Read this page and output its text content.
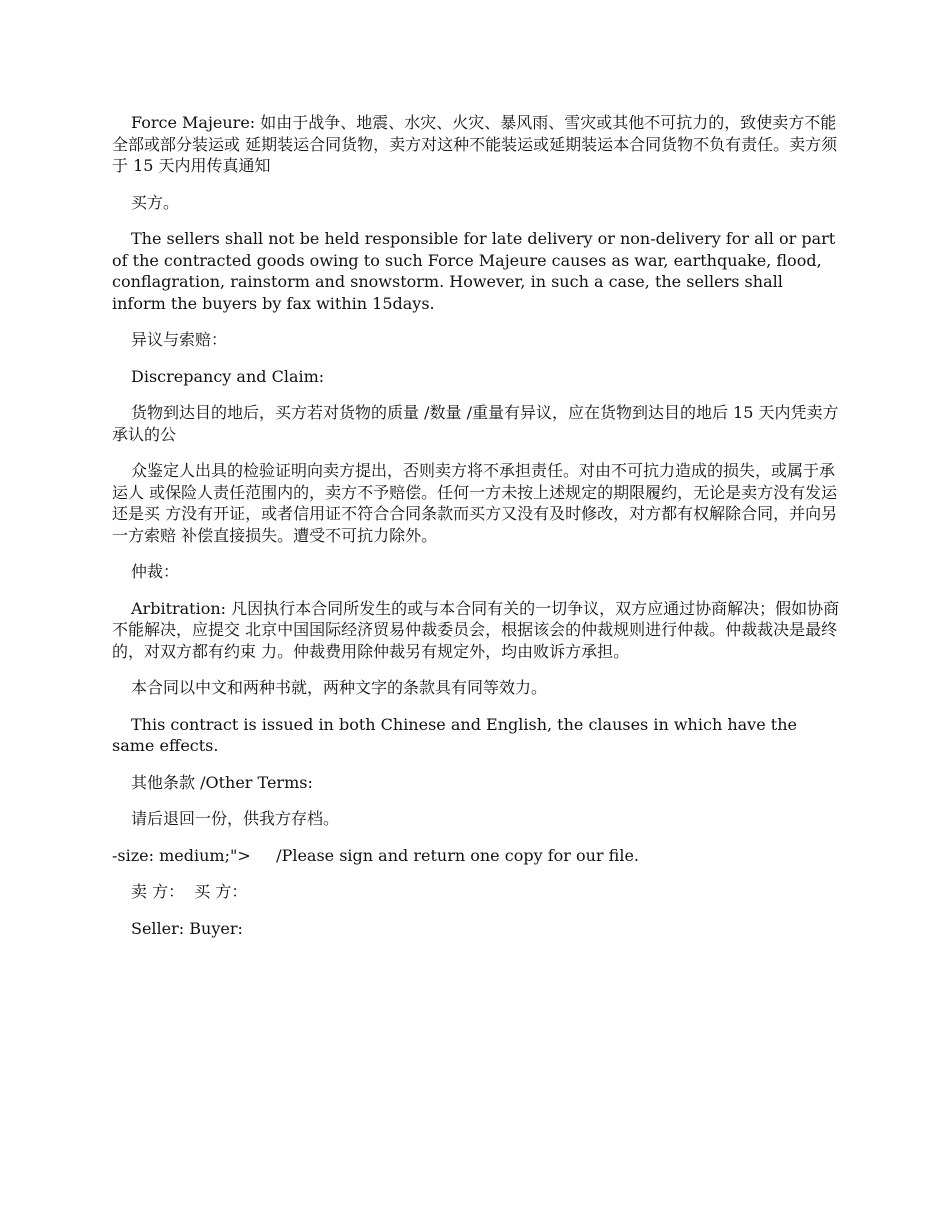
Force Majeure: 如由于战争、地震、水灾、火灾、暴风雨、雪灾或其他不可抗力的，致使卖方不能全部或部分装运或 延期装运合同货物，卖方对这种不能装运或延期装运本合同货物不负有责任。卖方须于 15 天内用传真通知

买方。

The sellers shall not be held responsible for late delivery or non-delivery for all or part of the contracted goods owing to such Force Majeure causes as war, earthquake, flood, conflagration, rainstorm and snowstorm. However, in such a case, the sellers shall inform the buyers by fax within 15days.

异议与索赔：

Discrepancy and Claim:

货物到达目的地后，买方若对货物的质量 /数量 /重量有异议，应在货物到达目的地后 15 天内凭卖方承认的公

众鉴定人出具的检验证明向卖方提出，否则卖方将不承担责任。对由不可抗力造成的损失，或属于承运人 或保险人责任范围内的，卖方不予赔偿。任何一方未按上述规定的期限履约，无论是卖方没有发运还是买 方没有开证，或者信用证不符合合同条款而买方又没有及时修改，对方都有权解除合同，并向另一方索赔 补偿直接损失。遭受不可抗力除外。

仲裁：

Arbitration: 凡因执行本合同所发生的或与本合同有关的一切争议，双方应通过协商解决；假如协商不能解决，应提交 北京中国国际经济贸易仲裁委员会，根据该会的仲裁规则进行仲裁。仲裁裁决是最终的，对双方都有约束 力。仲裁费用除仲裁另有规定外，均由败诉方承担。

本合同以中文和两种书就，两种文字的条款具有同等效力。

This contract is issued in both Chinese and English, the clauses in which have the same effects.

其他条款 /Other Terms:

请后退回一份，供我方存档。

-size: medium;">     /Please sign and return one copy for our file.

卖 方：  买 方：

Seller: Buyer:
